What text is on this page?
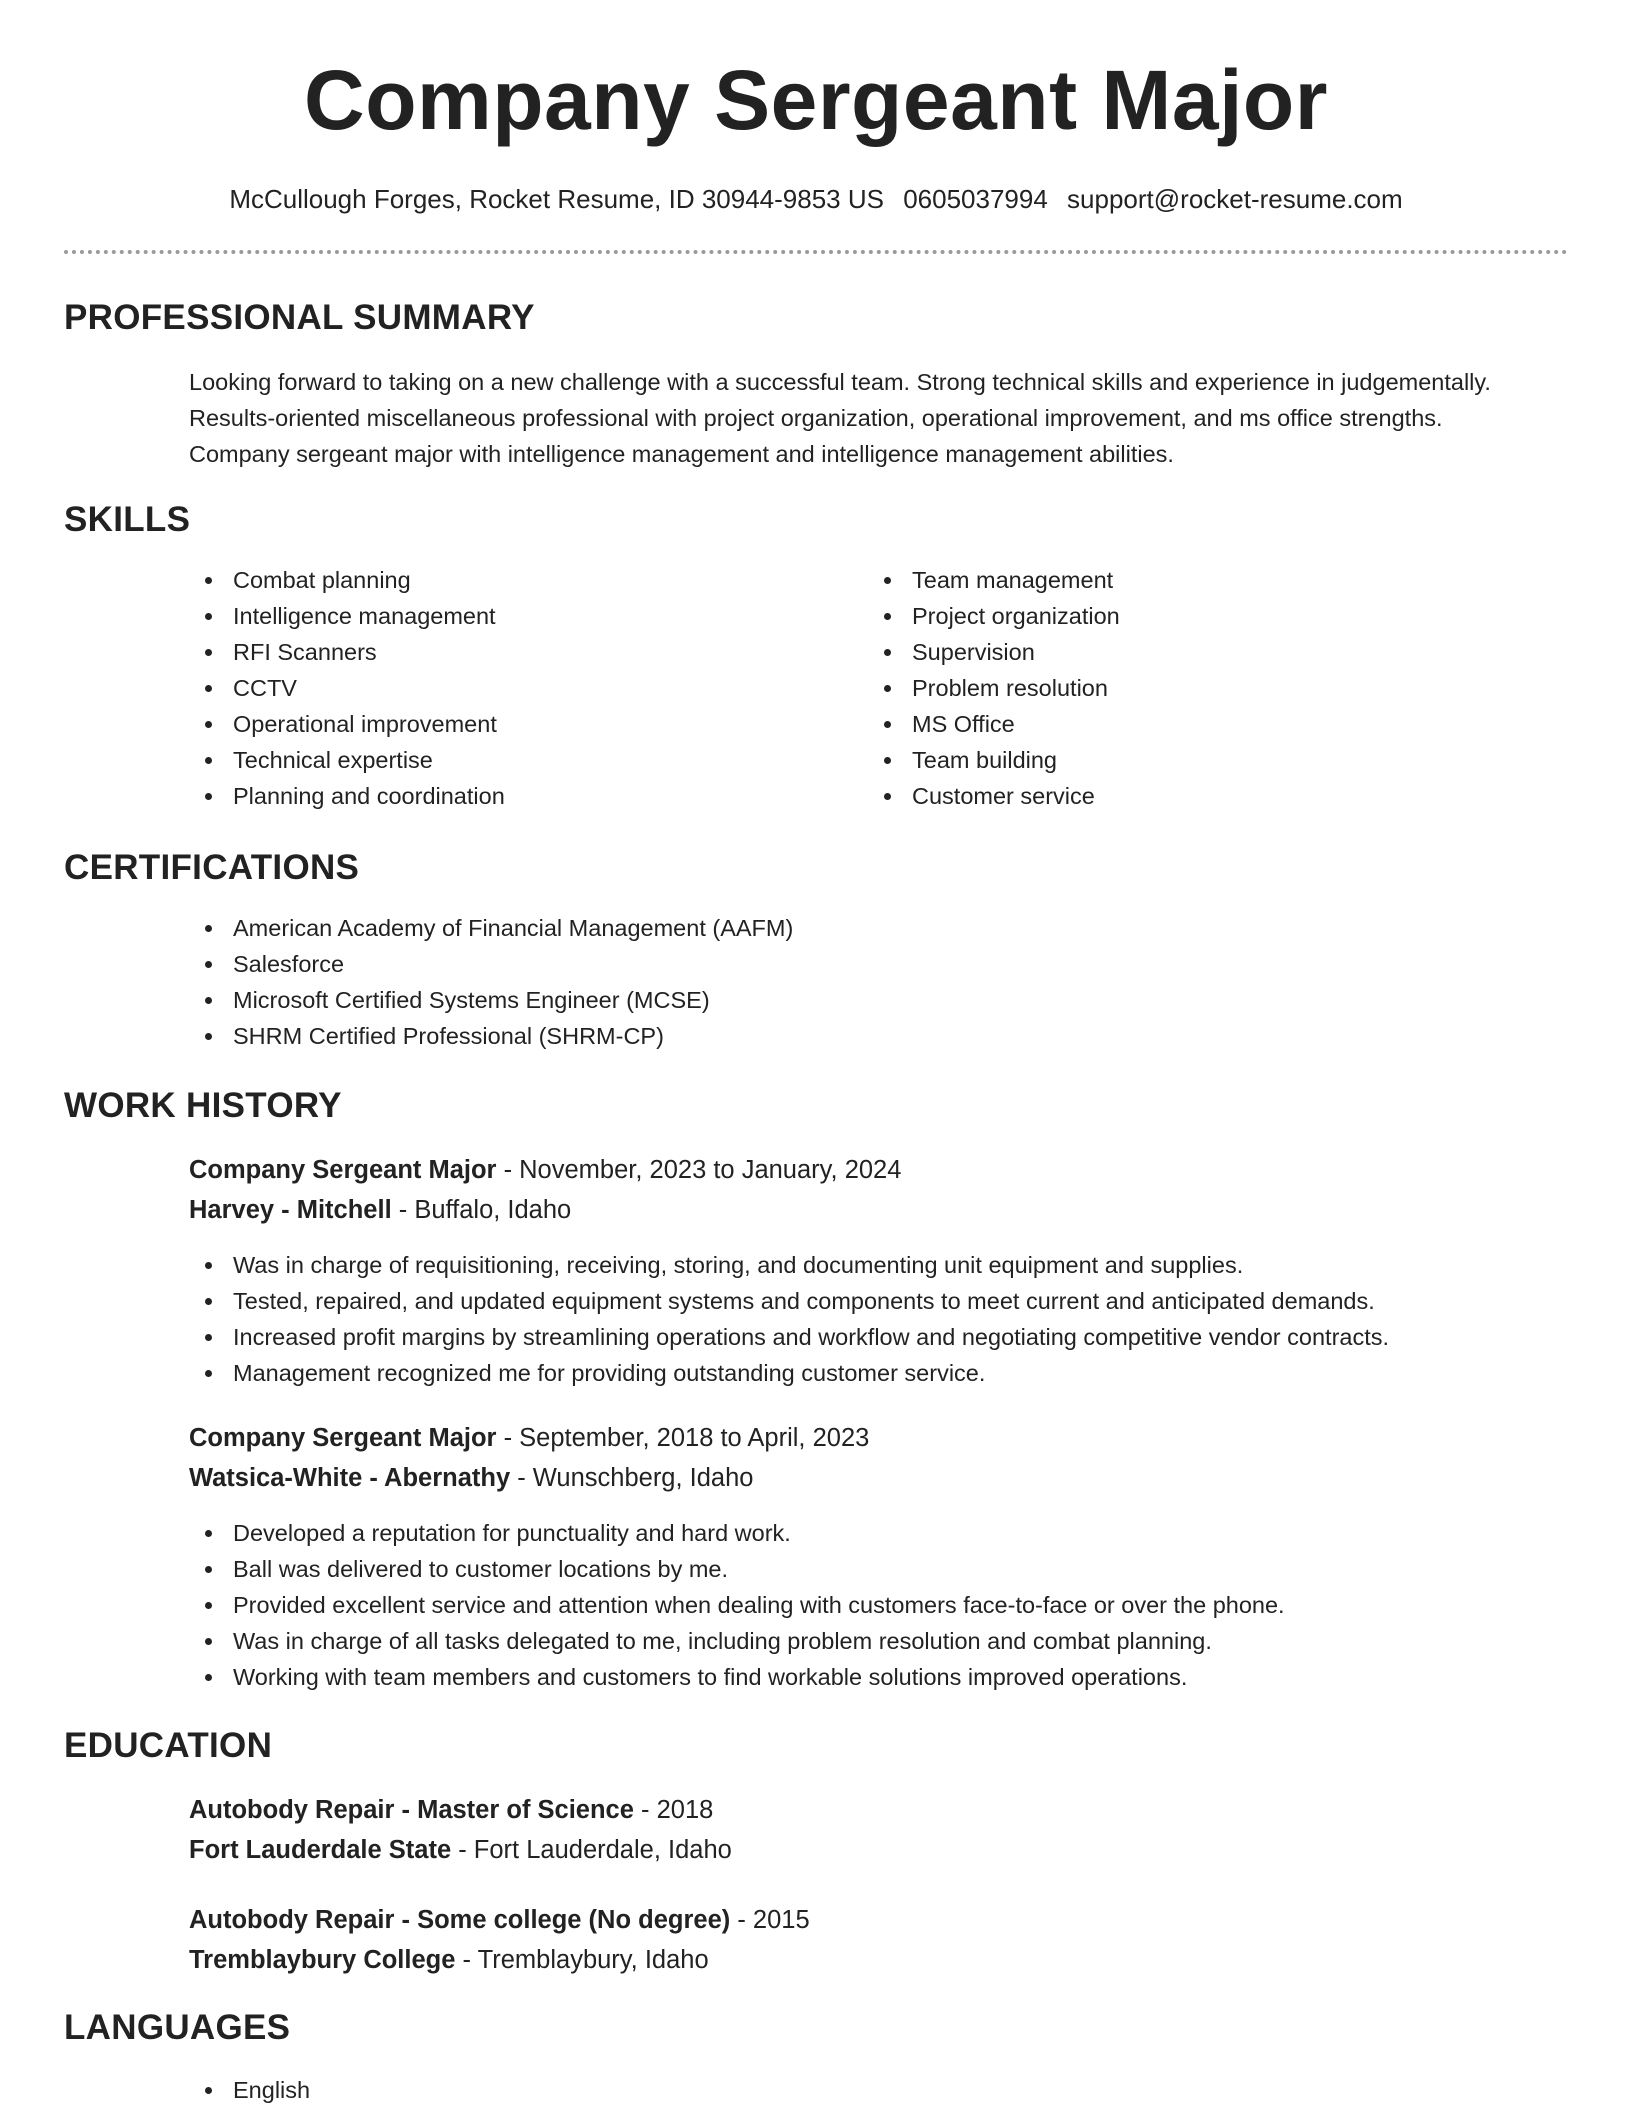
Company Sergeant Major
McCullough Forges, Rocket Resume, ID 30944-9853 US 0605037994 support@rocket-resume.com
PROFESSIONAL SUMMARY

Looking forward to taking on a new challenge with a successful team. Strong technical skills and experience in judgementally. Results-oriented miscellaneous professional with project organization, operational improvement, and ms office strengths. Company sergeant major with intelligence management and intelligence management abilities.

SKILLS
Combat planning
Intelligence management
RFI Scanners
CCTV
Operational improvement
Technical expertise
Planning and coordination
Team management
Project organization
Supervision
Problem resolution
MS Office
Team building
Customer service
CERTIFICATIONS
American Academy of Financial Management (AAFM)
Salesforce
Microsoft Certified Systems Engineer (MCSE)
SHRM Certified Professional (SHRM-CP)
WORK HISTORY
Company Sergeant Major - November, 2023 to January, 2024
Harvey - Mitchell - Buffalo, Idaho
Was in charge of requisitioning, receiving, storing, and documenting unit equipment and supplies.
Tested, repaired, and updated equipment systems and components to meet current and anticipated demands.
Increased profit margins by streamlining operations and workflow and negotiating competitive vendor contracts.
Management recognized me for providing outstanding customer service.
Company Sergeant Major - September, 2018 to April, 2023
Watsica-White - Abernathy - Wunschberg, Idaho
Developed a reputation for punctuality and hard work.
Ball was delivered to customer locations by me.
Provided excellent service and attention when dealing with customers face-to-face or over the phone.
Was in charge of all tasks delegated to me, including problem resolution and combat planning.
Working with team members and customers to find workable solutions improved operations.
EDUCATION
Autobody Repair - Master of Science - 2018
Fort Lauderdale State - Fort Lauderdale, Idaho
Autobody Repair - Some college (No degree) - 2015
Tremblaybury College - Tremblaybury, Idaho
LANGUAGES
English
